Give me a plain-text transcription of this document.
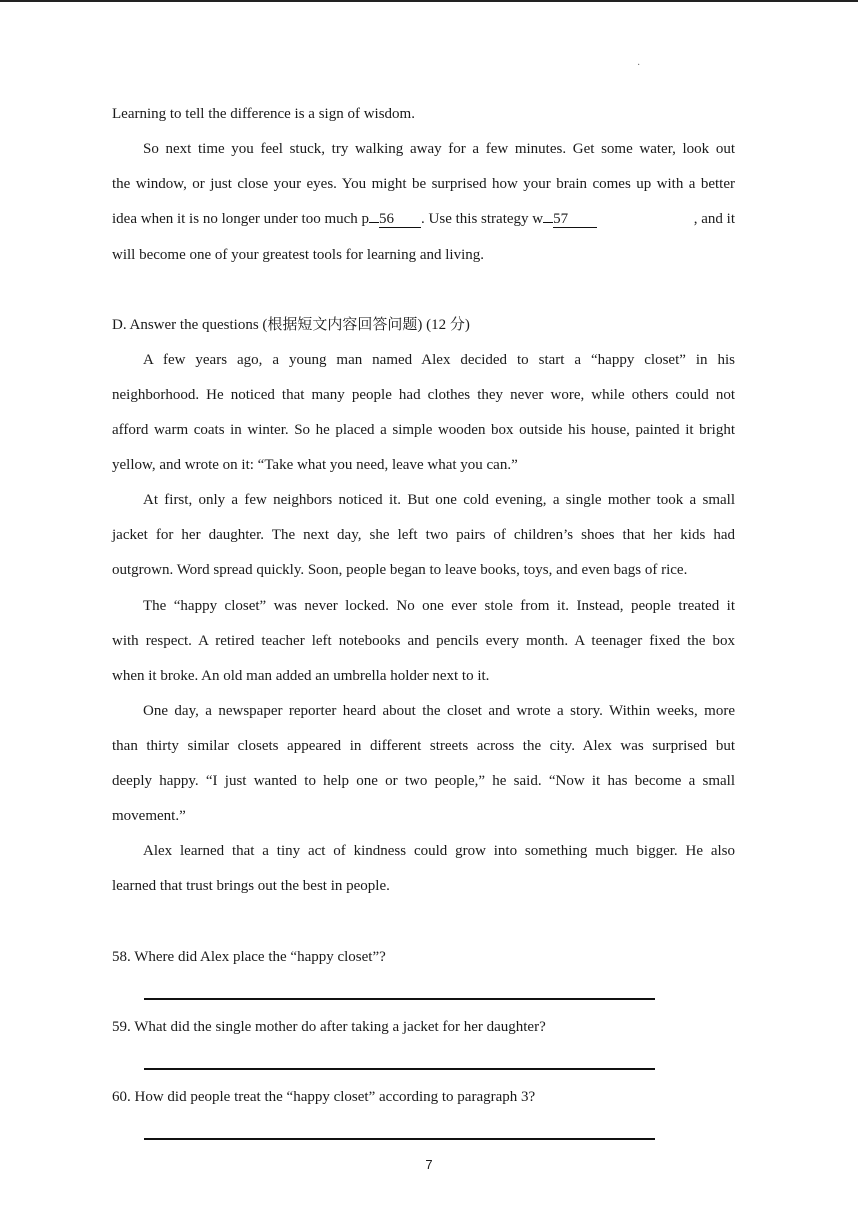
·
Learning to tell the difference is a sign of wisdom.
So next time you feel stuck, try walking away for a few minutes. Get some water, look out
the window, or just close your eyes. You might be surprised how your brain comes up with a better
idea when it is no longer under too much p 56 . Use this strategy w 57	, and it
will become one of your greatest tools for learning and living.
D. Answer the questions (根据短文内容回答问题) (12 分)
A few years ago, a young man named Alex decided to start a “happy closet” in his
neighborhood. He noticed that many people had clothes they never wore, while others could not
afford warm coats in winter. So he placed a simple wooden box outside his house, painted it bright
yellow, and wrote on it: “Take what you need, leave what you can.”
At first, only a few neighbors noticed it. But one cold evening, a single mother took a small
jacket for her daughter. The next day, she left two pairs of children’s shoes that her kids had
outgrown. Word spread quickly. Soon, people began to leave books, toys, and even bags of rice.
The “happy closet” was never locked. No one ever stole from it. Instead, people treated it
with respect. A retired teacher left notebooks and pencils every month. A teenager fixed the box
when it broke. An old man added an umbrella holder next to it.
One day, a newspaper reporter heard about the closet and wrote a story. Within weeks, more
than thirty similar closets appeared in different streets across the city. Alex was surprised but
deeply happy. “I just wanted to help one or two people,” he said. “Now it has become a small
movement.”
Alex learned that a tiny act of kindness could grow into something much bigger. He also
learned that trust brings out the best in people.
58. Where did Alex place the “happy closet”?
59. What did the single mother do after taking a jacket for her daughter?
60. How did people treat the “happy closet” according to paragraph 3?
7
